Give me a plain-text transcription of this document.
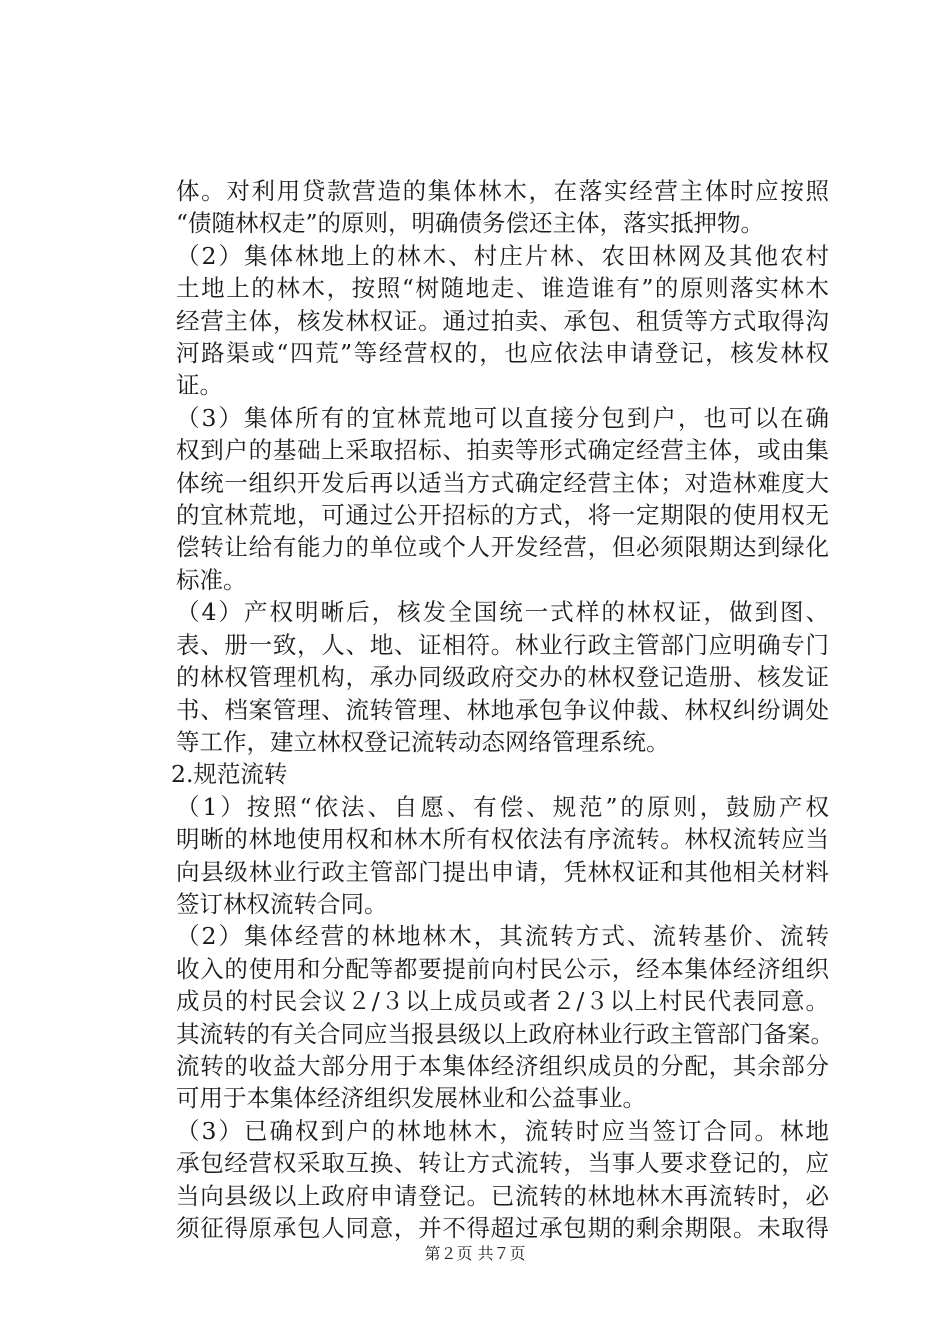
体。对利用贷款营造的集体林木，在落实经营主体时应按照
“债随林权走”的原则，明确债务偿还主体，落实抵押物。
（2）集体林地上的林木、村庄片林、农田林网及其他农村
土地上的林木，按照“树随地走、谁造谁有”的原则落实林木
经营主体，核发林权证。通过拍卖、承包、租赁等方式取得沟
河路渠或“四荒”等经营权的，也应依法申请登记，核发林权
证。
（3）集体所有的宜林荒地可以直接分包到户，也可以在确
权到户的基础上采取招标、拍卖等形式确定经营主体，或由集
体统一组织开发后再以适当方式确定经营主体；对造林难度大
的宜林荒地，可通过公开招标的方式，将一定期限的使用权无
偿转让给有能力的单位或个人开发经营，但必须限期达到绿化
标准。
（4）产权明晰后，核发全国统一式样的林权证，做到图、
表、册一致，人、地、证相符。林业行政主管部门应明确专门
的林权管理机构，承办同级政府交办的林权登记造册、核发证
书、档案管理、流转管理、林地承包争议仲裁、林权纠纷调处
等工作，建立林权登记流转动态网络管理系统。
2.规范流转
（1）按照“依法、自愿、有偿、规范”的原则，鼓励产权
明晰的林地使用权和林木所有权依法有序流转。林权流转应当
向县级林业行政主管部门提出申请，凭林权证和其他相关材料
签订林权流转合同。
（2）集体经营的林地林木，其流转方式、流转基价、流转
收入的使用和分配等都要提前向村民公示，经本集体经济组织
成员的村民会议２/３以上成员或者２/３以上村民代表同意。
其流转的有关合同应当报县级以上政府林业行政主管部门备案。
流转的收益大部分用于本集体经济组织成员的分配，其余部分
可用于本集体经济组织发展林业和公益事业。
（3）已确权到户的林地林木，流转时应当签订合同。林地
承包经营权采取互换、转让方式流转，当事人要求登记的，应
当向县级以上政府申请登记。已流转的林地林木再流转时，必
须征得原承包人同意，并不得超过承包期的剩余期限。未取得
第２页 共７页
